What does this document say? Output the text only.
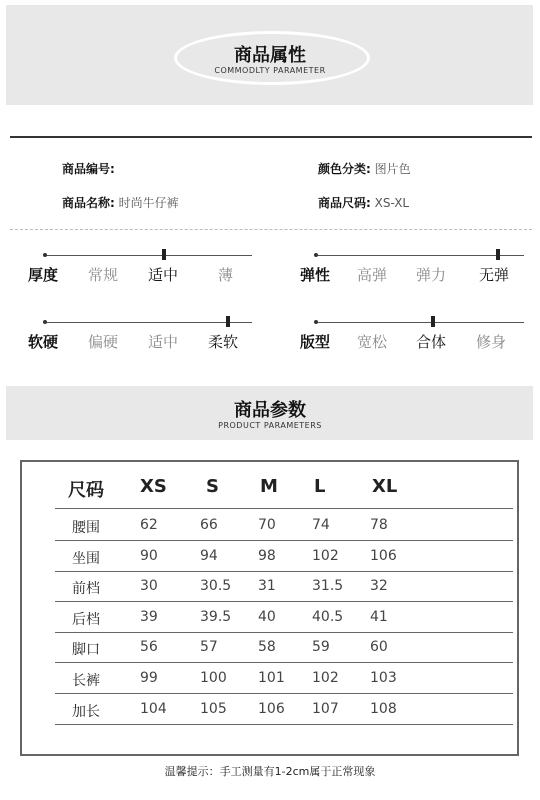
商品属性
COMMODLTY PARAMETER
商品编号:	颜色分类: 图片色
商品名称: 时尚牛仔裤	商品尺码: XS-XL
厚度 常规 适中	薄	弹性 高弹 弹力 无弹
软硬 偏硬 适中 柔软	版型 宽松 合体 修身
商品参数
PRODUCT PARAMETERS
尺码 XS S M L	XL
腰围	62	66	70	74	78
坐围	90	94	98	102 106
前档	30	30.5 31	31.5 32
后档	39	39.5 40	40.5 41
脚口	56	57	58	59	60
长裤	99	100 101 102 103
加长	104 105 106 107 108
温馨提示：手工测量有1-2cm属于正常现象
